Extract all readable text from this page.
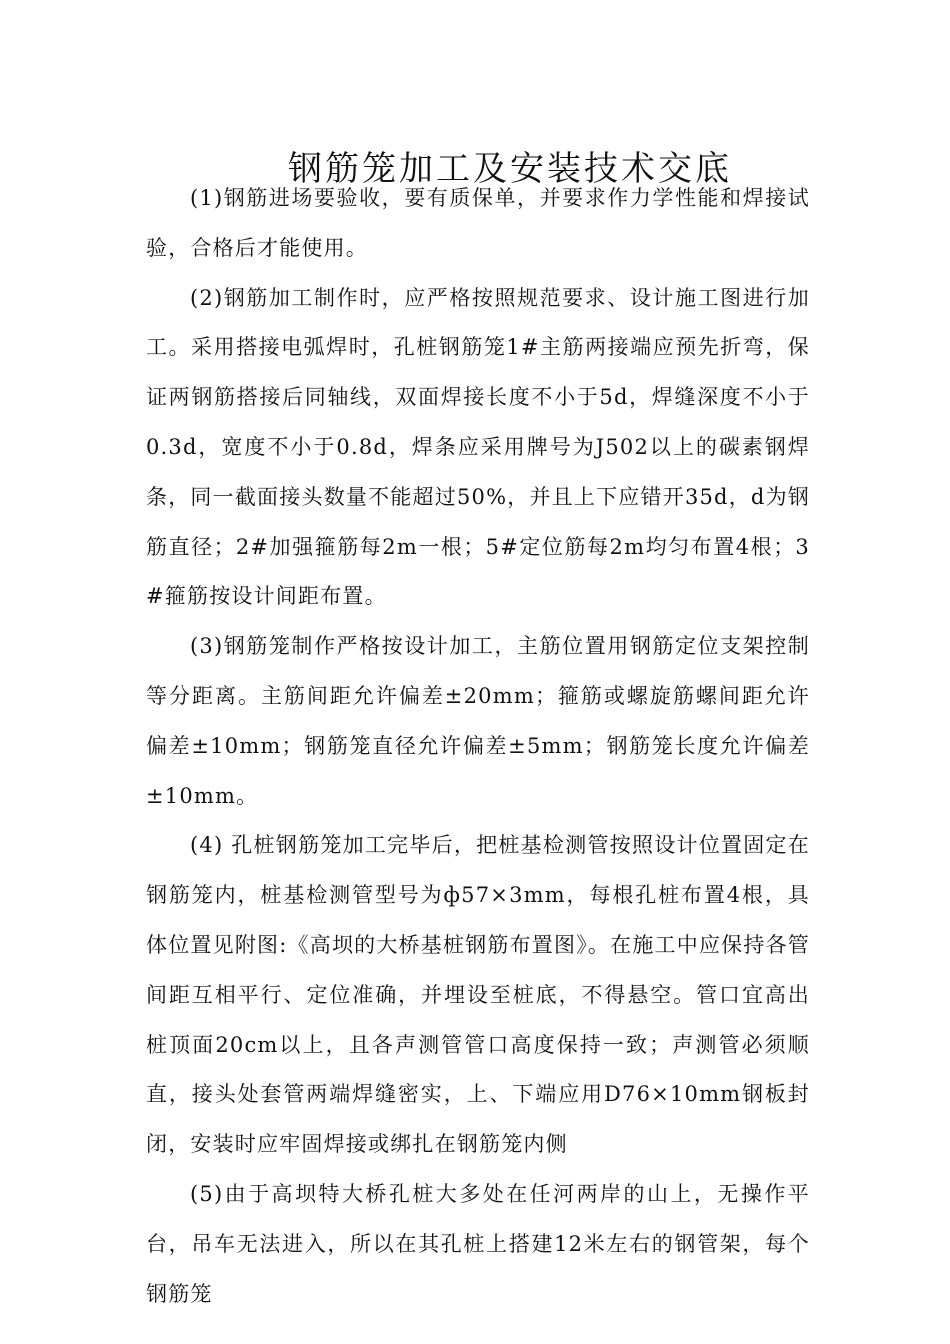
钢筋笼加工及安装技术交底

(1)钢筋进场要验收，要有质保单，并要求作力学性能和焊接试验，合格后才能使用。

(2)钢筋加工制作时，应严格按照规范要求、设计施工图进行加工。采用搭接电弧焊时，孔桩钢筋笼1#主筋两接端应预先折弯，保证两钢筋搭接后同轴线，双面焊接长度不小于5d，焊缝深度不小于0.3d，宽度不小于0.8d，焊条应采用牌号为J502以上的碳素钢焊条，同一截面接头数量不能超过50%，并且上下应错开35d，d为钢筋直径；2#加强箍筋每2m一根；5#定位筋每2m均匀布置4根；3#箍筋按设计间距布置。

(3)钢筋笼制作严格按设计加工，主筋位置用钢筋定位支架控制等分距离。主筋间距允许偏差±20mm；箍筋或螺旋筋螺间距允许偏差±10mm；钢筋笼直径允许偏差±5mm；钢筋笼长度允许偏差±10mm。

(4) 孔桩钢筋笼加工完毕后，把桩基检测管按照设计位置固定在钢筋笼内，桩基检测管型号为ф57×3mm，每根孔桩布置4根，具体位置见附图:《高坝的大桥基桩钢筋布置图》。在施工中应保持各管间距互相平行、定位准确，并埋设至桩底，不得悬空。管口宜高出桩顶面20cm以上，且各声测管管口高度保持一致；声测管必须顺直，接头处套管两端焊缝密实，上、下端应用D76×10mm钢板封闭，安装时应牢固焊接或绑扎在钢筋笼内侧

(5)由于高坝特大桥孔桩大多处在任河两岸的山上，无操作平台，吊车无法进入，所以在其孔桩上搭建12米左右的钢管架，每个钢筋笼
